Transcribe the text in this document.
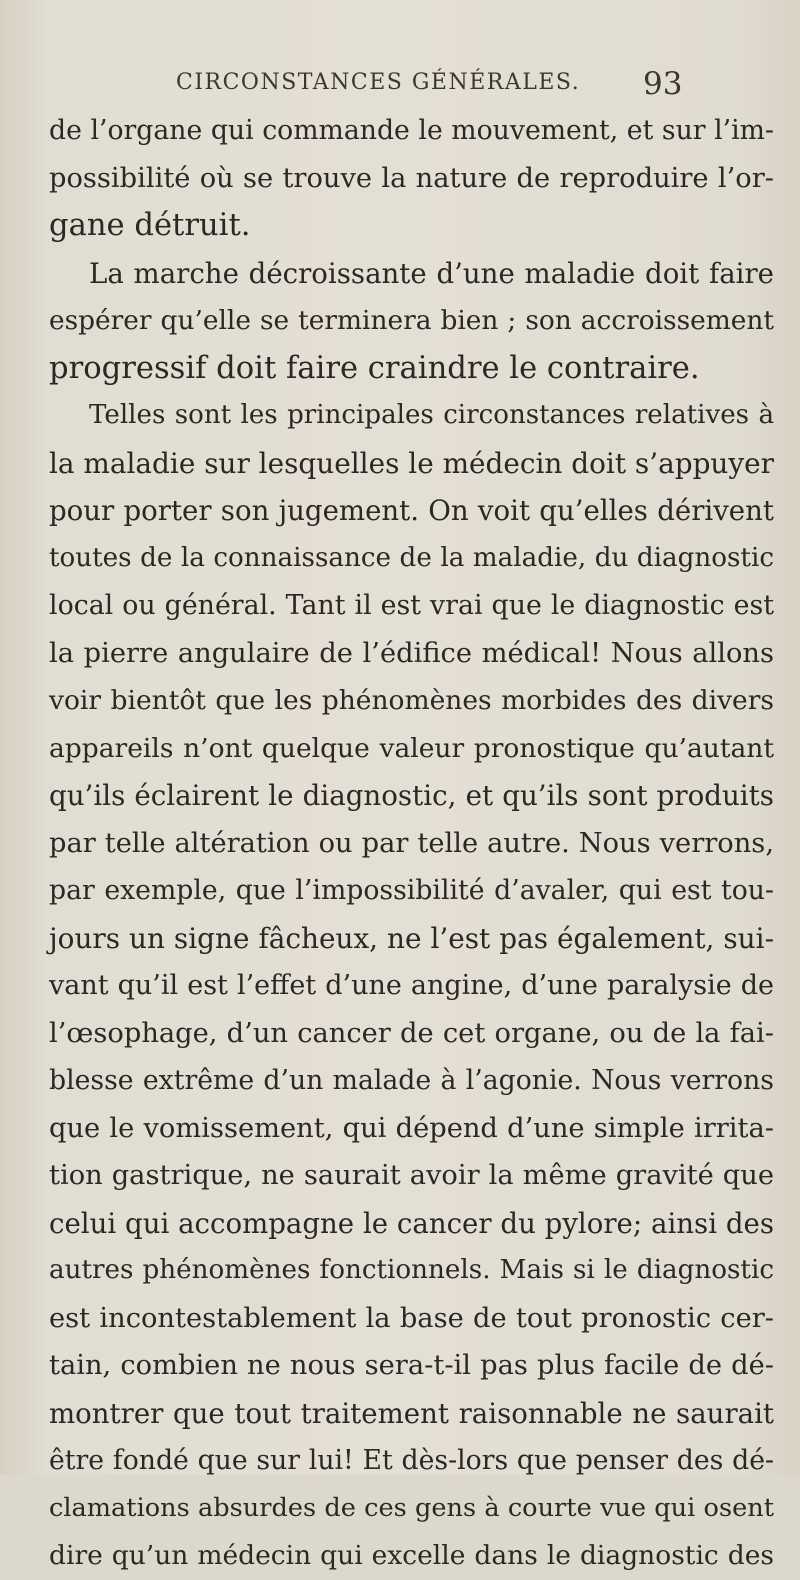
CIRCONSTANCES GÉNÉRALES. 93
de l’organe qui commande le mouvement, et sur l’im-
possibilité où se trouve la nature de reproduire l’or-
gane détruit.
La marche décroissante d’une maladie doit faire
espérer qu’elle se terminera bien ; son accroissement
progressif doit faire craindre le contraire.
Telles sont les principales circonstances relatives à
la maladie sur lesquelles le médecin doit s’appuyer
pour porter son jugement. On voit qu’elles dérivent
toutes de la connaissance de la maladie, du diagnostic
local ou général. Tant il est vrai que le diagnostic est
la pierre angulaire de l’édifice médical! Nous allons
voir bientôt que les phénomènes morbides des divers
appareils n’ont quelque valeur pronostique qu’autant
qu’ils éclairent le diagnostic, et qu’ils sont produits
par telle altération ou par telle autre. Nous verrons,
par exemple, que l’impossibilité d’avaler, qui est tou-
jours un signe fâcheux, ne l’est pas également, sui-
vant qu’il est l’effet d’une angine, d’une paralysie de
l’œsophage, d’un cancer de cet organe, ou de la fai-
blesse extrême d’un malade à l’agonie. Nous verrons
que le vomissement, qui dépend d’une simple irrita-
tion gastrique, ne saurait avoir la même gravité que
celui qui accompagne le cancer du pylore; ainsi des
autres phénomènes fonctionnels. Mais si le diagnostic
est incontestablement la base de tout pronostic cer-
tain, combien ne nous sera-t-il pas plus facile de dé-
montrer que tout traitement raisonnable ne saurait
être fondé que sur lui! Et dès-lors que penser des dé-
clamations absurdes de ces gens à courte vue qui osent
dire qu’un médecin qui excelle dans le diagnostic des
